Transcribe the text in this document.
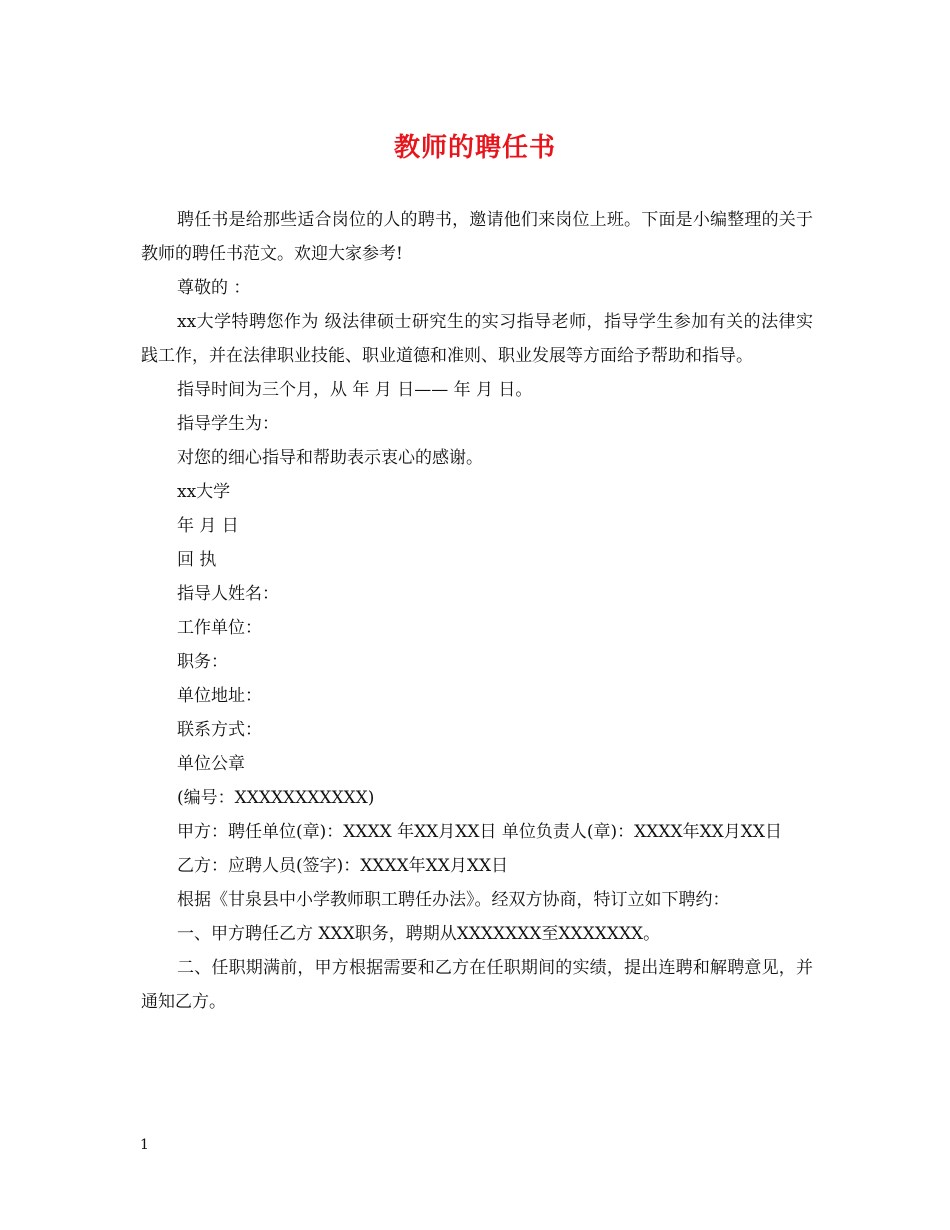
教师的聘任书

聘任书是给那些适合岗位的人的聘书，邀请他们来岗位上班。下面是小编整理的关于教师的聘任书范文。欢迎大家参考!

尊敬的 ：

xx大学特聘您作为 级法律硕士研究生的实习指导老师，指导学生参加有关的法律实践工作，并在法律职业技能、职业道德和准则、职业发展等方面给予帮助和指导。

指导时间为三个月，从 年 月 日—— 年 月 日。

指导学生为：

对您的细心指导和帮助表示衷心的感谢。

xx大学

年 月 日

回 执

指导人姓名：

工作单位：

职务：

单位地址：

联系方式：

单位公章

(编号：XXXXXXXXXXX)

甲方：聘任单位(章)：XXXX 年XX月XX日 单位负责人(章)：XXXX年XX月XX日

乙方：应聘人员(签字)：XXXX年XX月XX日

根据《甘泉县中小学教师职工聘任办法》。经双方协商，特订立如下聘约：

一、甲方聘任乙方 XXX职务，聘期从XXXXXXX至XXXXXXX。

二、任职期满前，甲方根据需要和乙方在任职期间的实绩，提出连聘和解聘意见，并通知乙方。

1
